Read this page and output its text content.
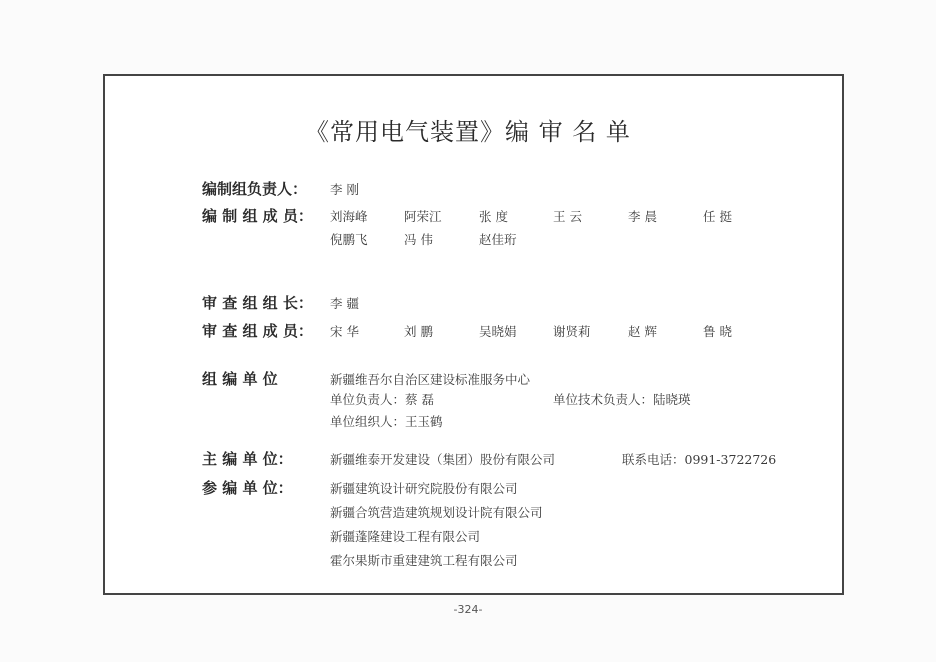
《常用电气装置》编 审 名 单
编制组负责人： 李 刚
编 制 组 成 员： 刘海峰	阿荣江	张 度	王 云	李 晨	任 挺
倪鹏飞	冯 伟	赵佳珩
审 查 组 组 长： 李 疆
审 查 组 成 员： 宋 华	刘 鹏	吴晓娟	谢贤莉	赵 辉	鲁 晓
组 编 单 位	新疆维吾尔自治区建设标准服务中心
单位负责人：蔡 磊	单位技术负责人：陆晓瑛
单位组织人：王玉鹤
主 编 单 位：	新疆维泰开发建设（集团）股份有限公司	联系电话：0991-3722726
参 编 单 位：	新疆建筑设计研究院股份有限公司
新疆合筑营造建筑规划设计院有限公司
新疆蓬隆建设工程有限公司
霍尔果斯市重建建筑工程有限公司
-324-
